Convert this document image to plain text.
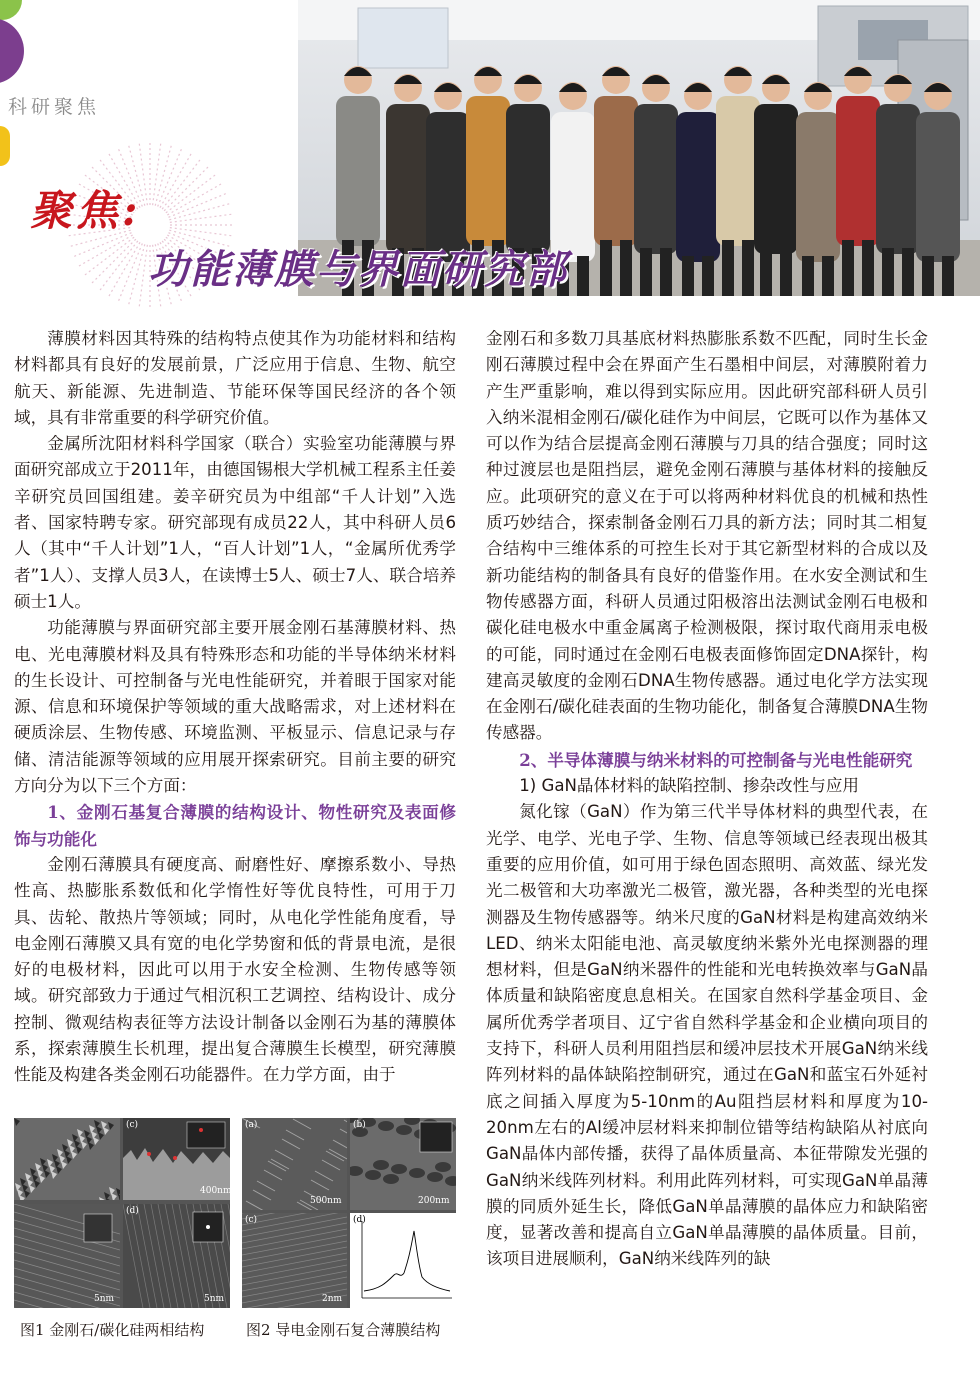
科研聚焦
聚焦:
功能薄膜与界面研究部

薄膜材料因其特殊的结构特点使其作为功能材料和结构材料都具有良好的发展前景，广泛应用于信息、生物、航空航天、新能源、先进制造、节能环保等国民经济的各个领域，具有非常重要的科学研究价值。

金属所沈阳材料科学国家（联合）实验室功能薄膜与界面研究部成立于2011年，由德国锡根大学机械工程系主任姜辛研究员回国组建。姜辛研究员为中组部“千人计划”入选者、国家特聘专家。研究部现有成员22人，其中科研人员6人（其中“千人计划”1人，“百人计划”1人，“金属所优秀学者”1人）、支撑人员3人，在读博士5人、硕士7人、联合培养硕士1人。

功能薄膜与界面研究部主要开展金刚石基薄膜材料、热电、光电薄膜材料及具有特殊形态和功能的半导体纳米材料的生长设计、可控制备与光电性能研究，并着眼于国家对能源、信息和环境保护等领域的重大战略需求，对上述材料在硬质涂层、生物传感、环境监测、平板显示、信息记录与存储、清洁能源等领域的应用展开探索研究。目前主要的研究方向分为以下三个方面：

1、金刚石基复合薄膜的结构设计、物性研究及表面修饰与功能化

金刚石薄膜具有硬度高、耐磨性好、摩擦系数小、导热性高、热膨胀系数低和化学惰性好等优良特性，可用于刀具、齿轮、散热片等领域；同时，从电化学性能角度看，导电金刚石薄膜又具有宽的电化学势窗和低的背景电流，是很好的电极材料，因此可以用于水安全检测、生物传感等领域。研究部致力于通过气相沉积工艺调控、结构设计、成分控制、微观结构表征等方法设计制备以金刚石为基的薄膜体系，探索薄膜生长机理，提出复合薄膜生长模型，研究薄膜性能及构建各类金刚石功能器件。在力学方面，由于

金刚石和多数刀具基底材料热膨胀系数不匹配，同时生长金刚石薄膜过程中会在界面产生石墨相中间层，对薄膜附着力产生严重影响，难以得到实际应用。因此研究部科研人员引入纳米混相金刚石/碳化硅作为中间层，它既可以作为基体又可以作为结合层提高金刚石薄膜与刀具的结合强度；同时这种过渡层也是阻挡层，避免金刚石薄膜与基体材料的接触反应。此项研究的意义在于可以将两种材料优良的机械和热性质巧妙结合，探索制备金刚石刀具的新方法；同时其二相复合结构中三维体系的可控生长对于其它新型材料的合成以及新功能结构的制备具有良好的借鉴作用。在水安全测试和生物传感器方面，科研人员通过阳极溶出法测试金刚石电极和碳化硅电极水中重金属离子检测极限，探讨取代商用汞电极的可能，同时通过在金刚石电极表面修饰固定DNA探针，构建高灵敏度的金刚石DNA生物传感器。通过电化学方法实现在金刚石/碳化硅表面的生物功能化，制备复合薄膜DNA生物传感器。

2、半导体薄膜与纳米材料的可控制备与光电性能研究
1) GaN晶体材料的缺陷控制、掺杂改性与应用

氮化镓（GaN）作为第三代半导体材料的典型代表，在光学、电学、光电子学、生物、信息等领域已经表现出极其重要的应用价值，如可用于绿色固态照明、高效蓝、绿光发光二极管和大功率激光二极管，激光器，各种类型的光电探测器及生物传感器等。纳米尺度的GaN材料是构建高效纳米LED、纳米太阳能电池、高灵敏度纳米紫外光电探测器的理想材料，但是GaN纳米器件的性能和光电转换效率与GaN晶体质量和缺陷密度息息相关。在国家自然科学基金项目、金属所优秀学者项目、辽宁省自然科学基金和企业横向项目的支持下，科研人员利用阻挡层和缓冲层技术开展GaN纳米线阵列材料的晶体缺陷控制研究，通过在GaN和蓝宝石外延衬底之间插入厚度为5-10nm的Au阻挡层材料和厚度为10-20nm左右的Al缓冲层材料来抑制位错等结构缺陷从衬底向GaN晶体内部传播，获得了晶体质量高、本征带隙发光强的GaN纳米线阵列材料。利用此阵列材料，可实现GaN单晶薄膜的同质外延生长，降低GaN单晶薄膜的晶体应力和缺陷密度，显著改善和提高自立GaN单晶薄膜的晶体质量。目前，该项目进展顺利，GaN纳米线阵列的缺

(c)
400nm
(d)
5nm	5nm
(a)	(b)
500nm	200nm
(c)	(d)
2nm
图1 金刚石/碳化硅两相结构	图2 导电金刚石复合薄膜结构
